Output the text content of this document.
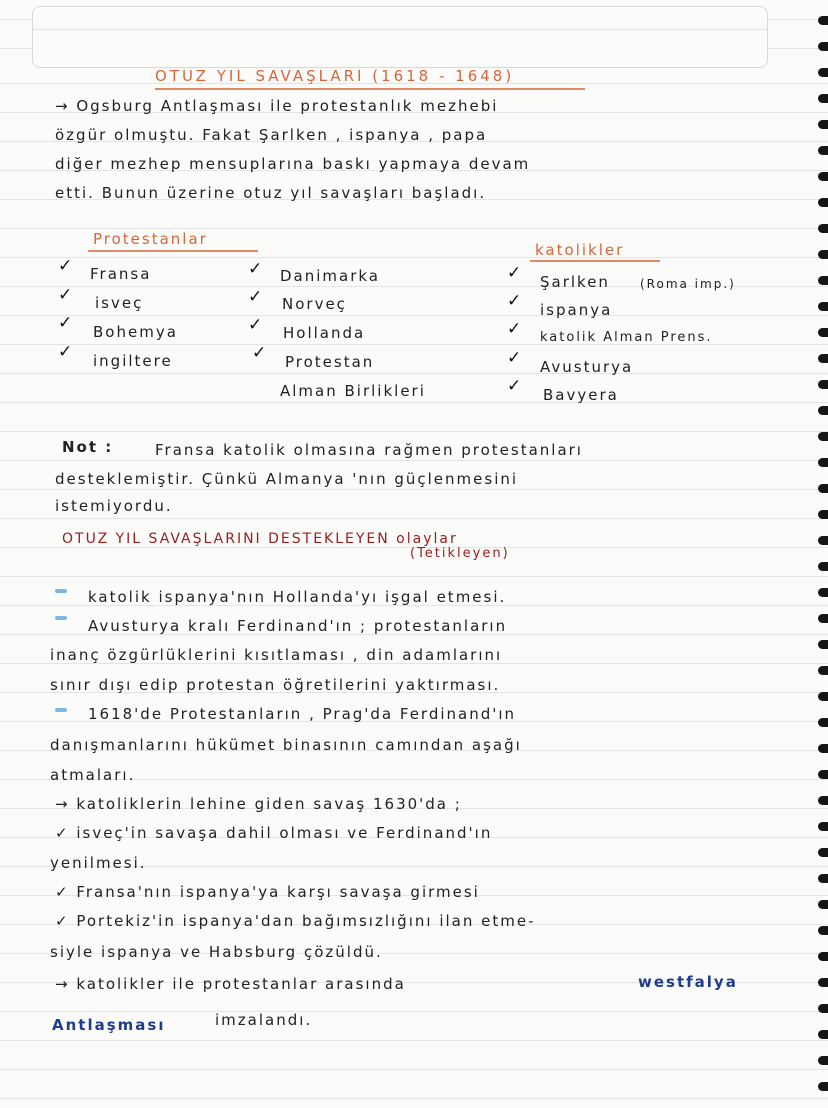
OTUZ YIL SAVAŞLARI (1618 - 1648)
→ Ogsburg Antlaşması ile protestanlık mezhebi
özgür olmuştu. Fakat Şarlken , ispanya , papa
diğer mezhep mensuplarına baskı yapmaya devam
etti. Bunun üzerine otuz yıl savaşları başladı.
Protestanlar
katolikler
✓ Fransa
✓ isveç
✓ Bohemya
✓ ingiltere
✓ Danimarka
✓ Norveç
✓ Hollanda
✓ Protestan
Alman Birlikleri
✓ Şarlken	(Roma imp.)
✓ ispanya
✓ katolik Alman Prens.
✓ Avusturya
✓ Bavyera
Not :	Fransa katolik olmasına rağmen protestanları
desteklemiştir. Çünkü Almanya 'nın güçlenmesini
istemiyordu.
OTUZ YIL SAVAŞLARINI DESTEKLEYEN olaylar
(Tetikleyen)
katolik ispanya'nın Hollanda'yı işgal etmesi.
Avusturya kralı Ferdinand'ın ; protestanların
inanç özgürlüklerini kısıtlaması , din adamlarını
sınır dışı edip protestan öğretilerini yaktırması.
1618'de Protestanların , Prag'da Ferdinand'ın
danışmanlarını hükümet binasının camından aşağı
atmaları.
→ katoliklerin lehine giden savaş 1630'da ;
✓ isveç'in savaşa dahil olması ve Ferdinand'ın
yenilmesi.
✓ Fransa'nın ispanya'ya karşı savaşa girmesi
✓ Portekiz'in ispanya'dan bağımsızlığını ilan etme-
siyle ispanya ve Habsburg çözüldü.
→ katolikler ile protestanlar arasında	westfalya
Antlaşması	imzalandı.
